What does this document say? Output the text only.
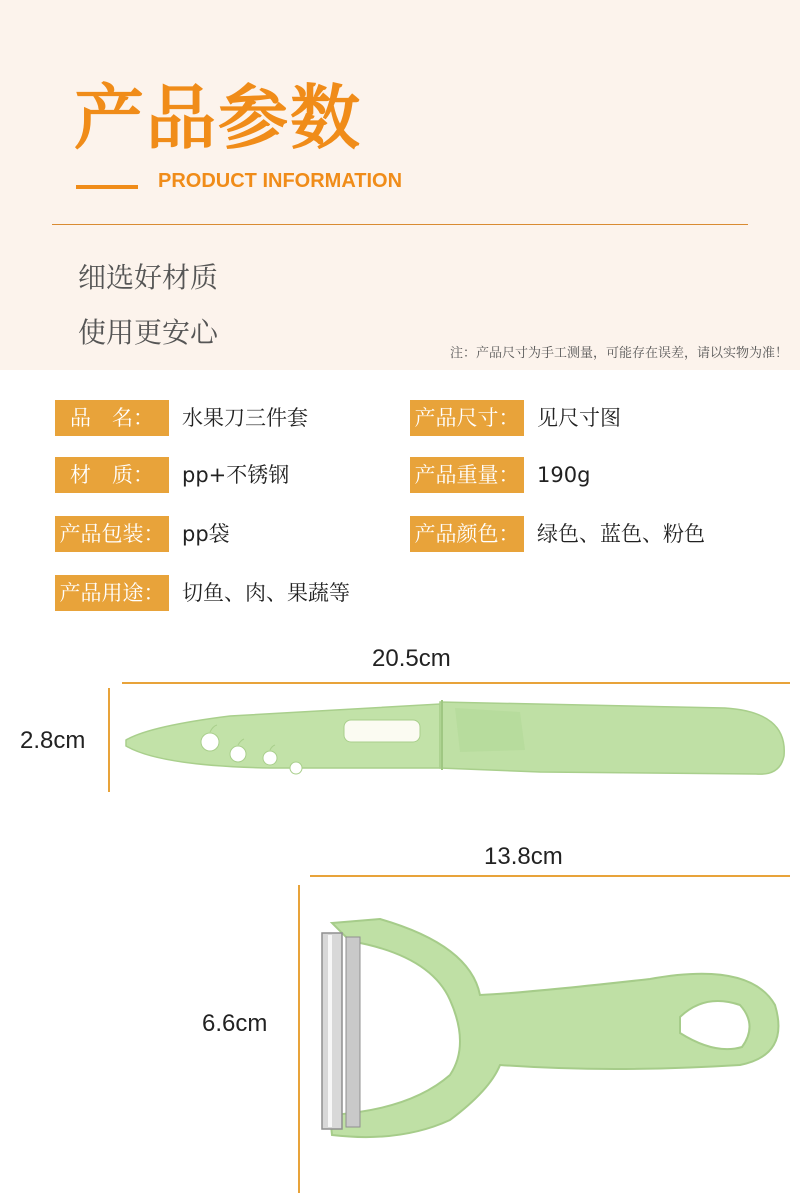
产品参数
PRODUCT INFORMATION
细选好材质
使用更安心
注：产品尺寸为手工测量，可能存在误差，请以实物为准！
品　名：	水果刀三件套	产品尺寸： 见尺寸图
材　质：	pp+不锈钢	产品重量： 190g
产品包装： pp袋	产品颜色： 绿色、蓝色、粉色
产品用途： 切鱼、肉、果蔬等
20.5cm
2.8cm
13.8cm
6.6cm
